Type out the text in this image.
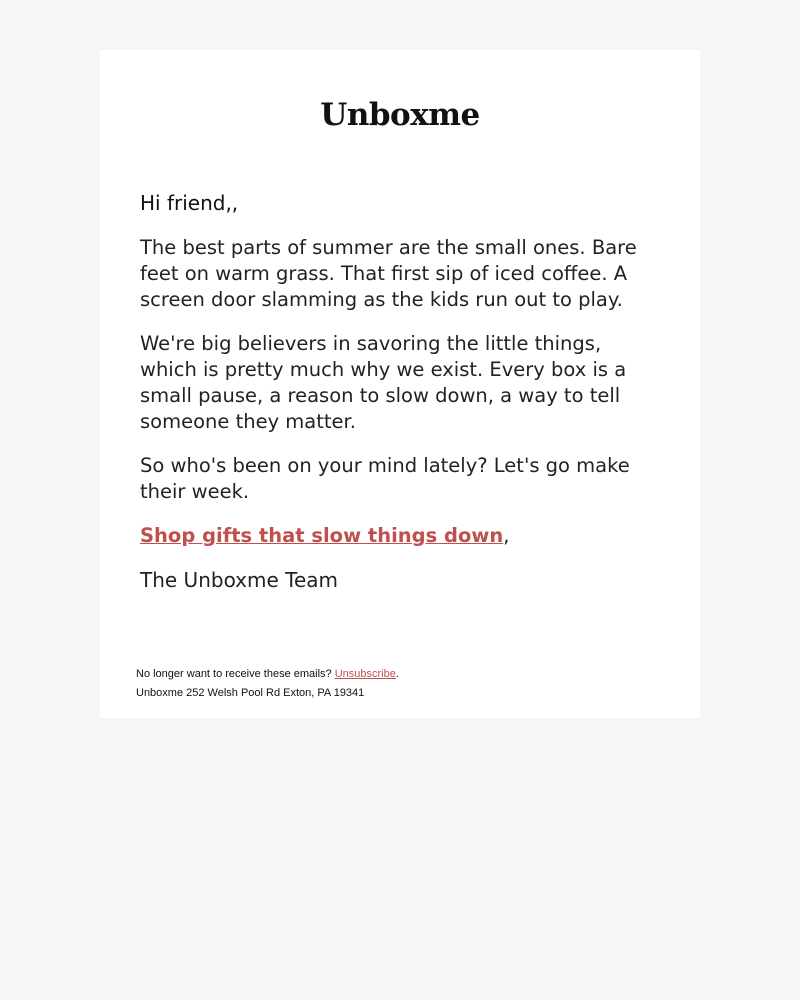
Unboxme

Hi friend,,

The best parts of summer are the small ones. Bare feet on warm grass. That first sip of iced coffee. A screen door slamming as the kids run out to play.

We're big believers in savoring the little things, which is pretty much why we exist. Every box is a small pause, a reason to slow down, a way to tell someone they matter.

So who's been on your mind lately? Let's go make their week.

Shop gifts that slow things down,

The Unboxme Team

No longer want to receive these emails? Unsubscribe.
Unboxme 252 Welsh Pool Rd Exton, PA 19341
